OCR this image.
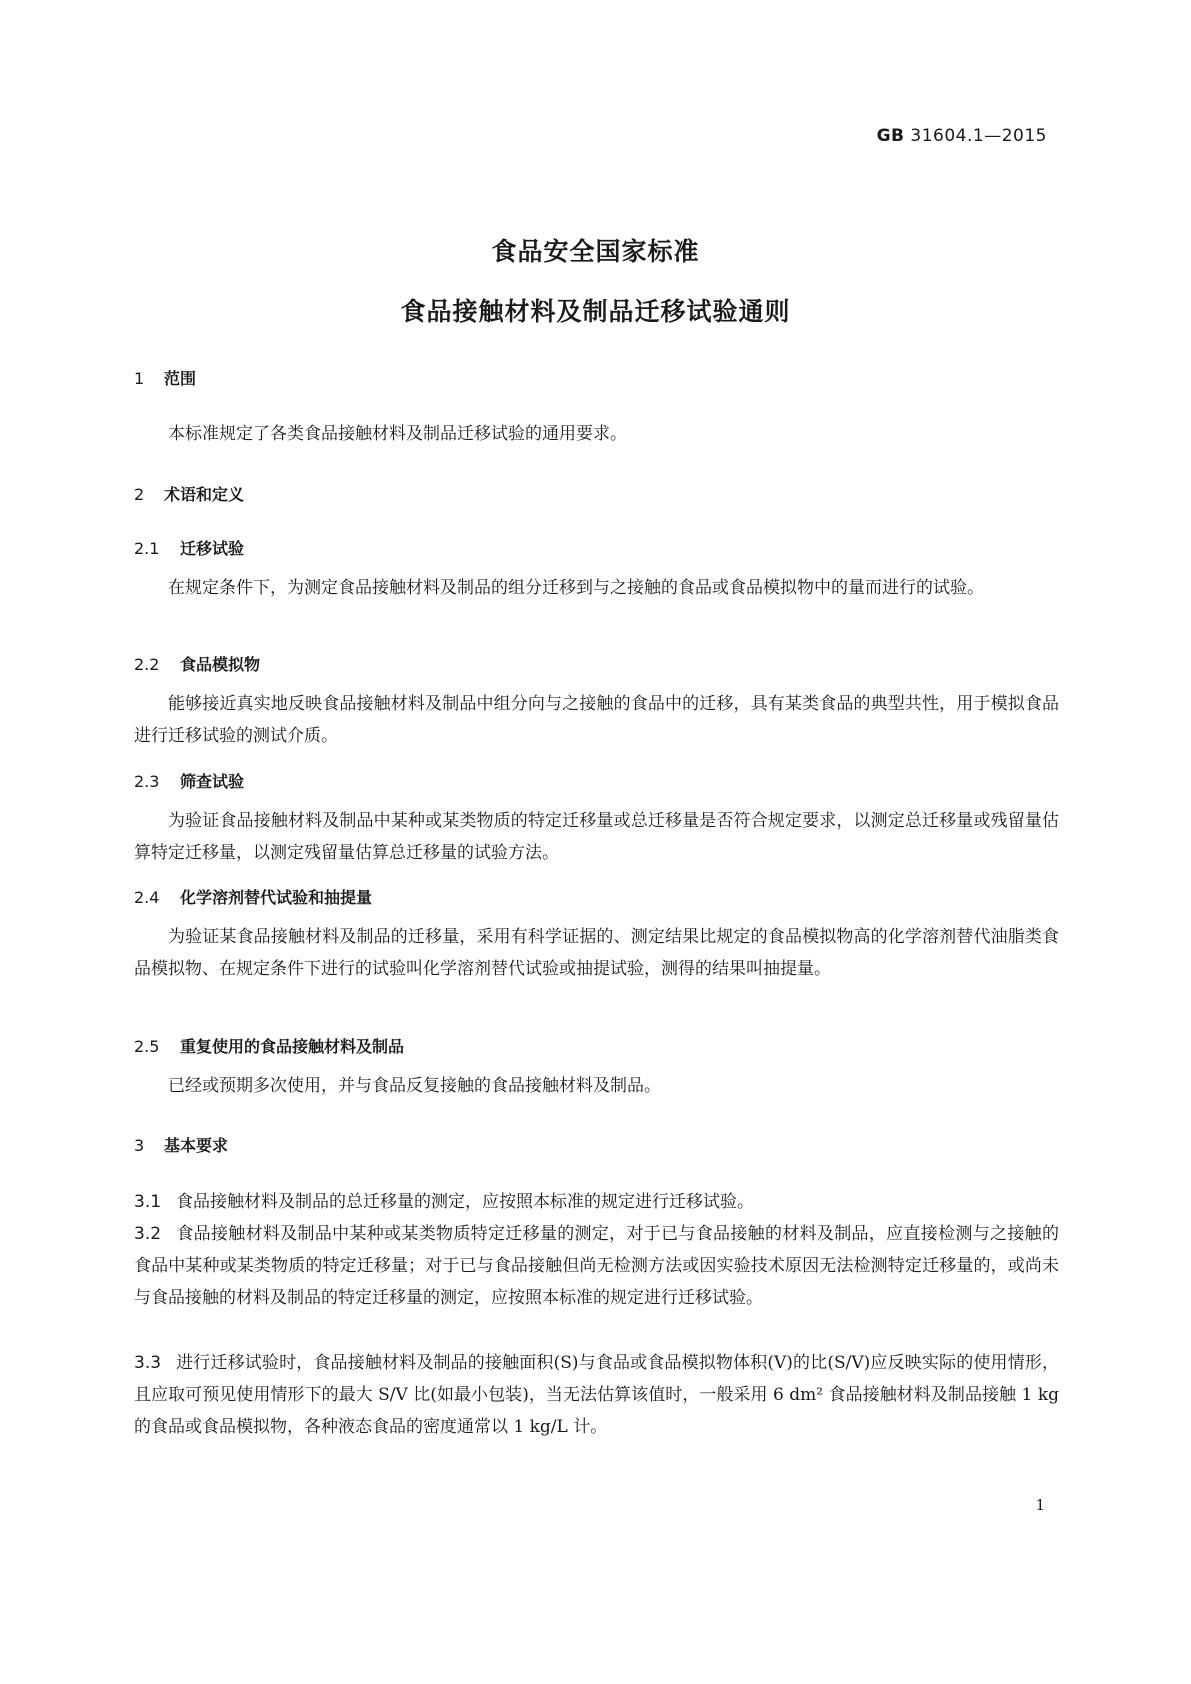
GB 31604.1—2015

食品安全国家标准
食品接触材料及制品迁移试验通则
1 范围

本标准规定了各类食品接触材料及制品迁移试验的通用要求。

2 术语和定义
2.1 迁移试验

在规定条件下，为测定食品接触材料及制品的组分迁移到与之接触的食品或食品模拟物中的量而进行的试验。

2.2 食品模拟物

能够接近真实地反映食品接触材料及制品中组分向与之接触的食品中的迁移，具有某类食品的典型共性，用于模拟食品进行迁移试验的测试介质。

2.3 筛查试验

为验证食品接触材料及制品中某种或某类物质的特定迁移量或总迁移量是否符合规定要求，以测定总迁移量或残留量估算特定迁移量，以测定残留量估算总迁移量的试验方法。

2.4 化学溶剂替代试验和抽提量

为验证某食品接触材料及制品的迁移量，采用有科学证据的、测定结果比规定的食品模拟物高的化学溶剂替代油脂类食品模拟物、在规定条件下进行的试验叫化学溶剂替代试验或抽提试验，测得的结果叫抽提量。

2.5 重复使用的食品接触材料及制品

已经或预期多次使用，并与食品反复接触的食品接触材料及制品。

3 基本要求

3.1 食品接触材料及制品的总迁移量的测定，应按照本标准的规定进行迁移试验。

3.2 食品接触材料及制品中某种或某类物质特定迁移量的测定，对于已与食品接触的材料及制品，应直接检测与之接触的食品中某种或某类物质的特定迁移量；对于已与食品接触但尚无检测方法或因实验技术原因无法检测特定迁移量的，或尚未与食品接触的材料及制品的特定迁移量的测定，应按照本标准的规定进行迁移试验。

3.3 进行迁移试验时，食品接触材料及制品的接触面积(S)与食品或食品模拟物体积(V)的比(S/V)应反映实际的使用情形，且应取可预见使用情形下的最大 S/V 比(如最小包装)，当无法估算该值时，一般采用 6 dm² 食品接触材料及制品接触 1 kg 的食品或食品模拟物，各种液态食品的密度通常以 1 kg/L 计。

1
